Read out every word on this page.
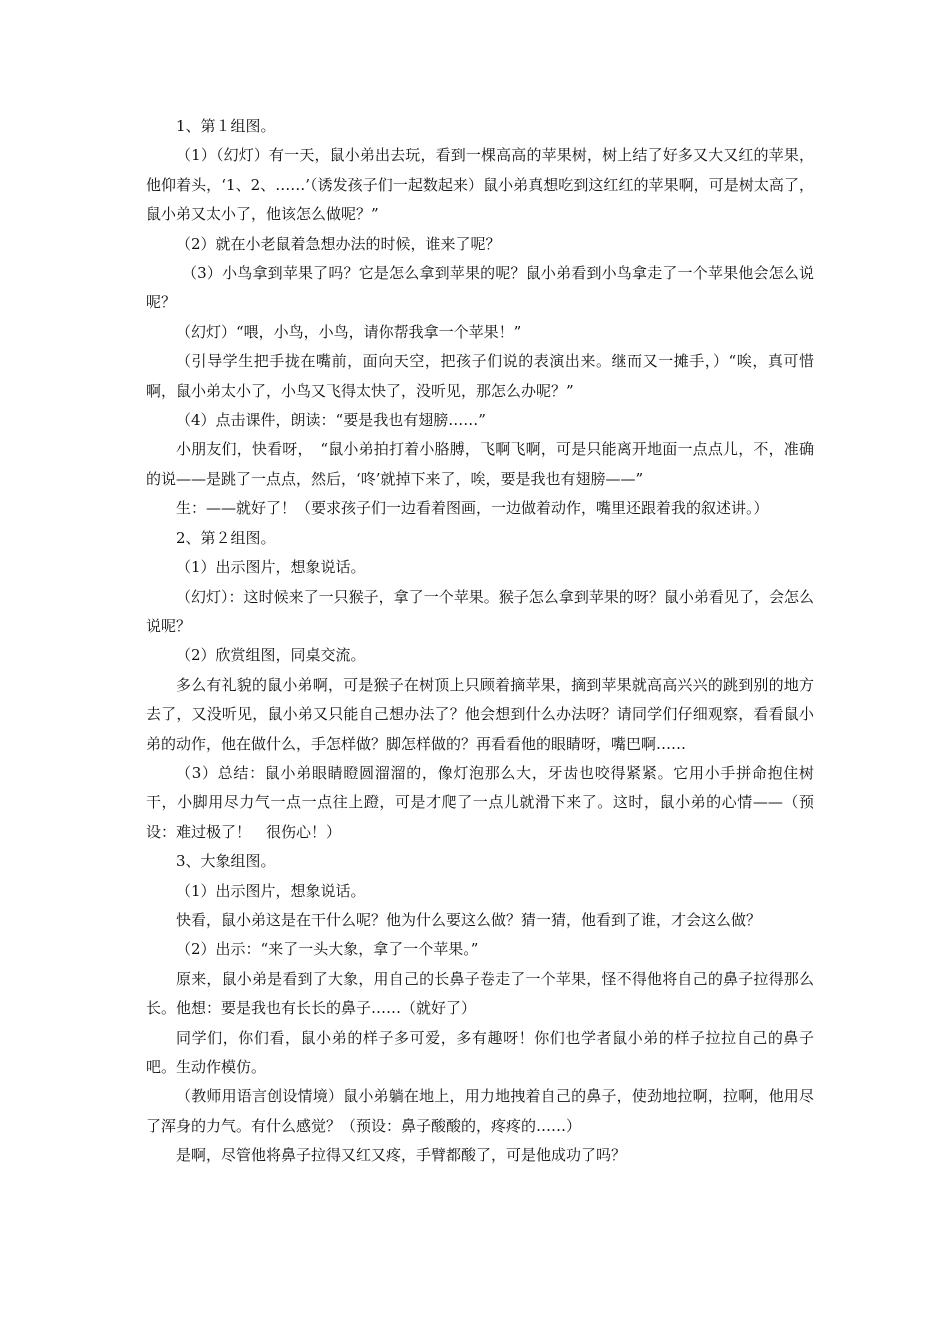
1、第１组图。

（1）（幻灯）有一天，鼠小弟出去玩，看到一棵高高的苹果树，树上结了好多又大又红的苹果，他仰着头，‘1、2、……’（诱发孩子们一起数起来）鼠小弟真想吃到这红红的苹果啊，可是树太高了，鼠小弟又太小了，他该怎么做呢？”

（2）就在小老鼠着急想办法的时候，谁来了呢？

（3）小鸟拿到苹果了吗？它是怎么拿到苹果的呢？鼠小弟看到小鸟拿走了一个苹果他会怎么说呢？

（幻灯）“喂，小鸟，小鸟，请你帮我拿一个苹果！”

（引导学生把手拢在嘴前，面向天空，把孩子们说的表演出来。继而又一摊手，）“唉，真可惜啊，鼠小弟太小了，小鸟又飞得太快了，没听见，那怎么办呢？”

（4）点击课件，朗读：“要是我也有翅膀……”

小朋友们，快看呀，　“鼠小弟拍打着小胳膊，飞啊飞啊，可是只能离开地面一点点儿，不，准确的说——是跳了一点点，然后，‘咚’就掉下来了，唉，要是我也有翅膀——”

生：——就好了！（要求孩子们一边看着图画，一边做着动作，嘴里还跟着我的叙述讲。）

2、第２组图。

（1）出示图片，想象说话。

（幻灯）：这时候来了一只猴子，拿了一个苹果。猴子怎么拿到苹果的呀？鼠小弟看见了，会怎么说呢？

（2）欣赏组图，同桌交流。

多么有礼貌的鼠小弟啊，可是猴子在树顶上只顾着摘苹果，摘到苹果就高高兴兴的跳到别的地方去了，又没听见，鼠小弟又只能自己想办法了？他会想到什么办法呀？请同学们仔细观察，看看鼠小弟的动作，他在做什么，手怎样做？脚怎样做的？再看看他的眼睛呀，嘴巴啊……

（3）总结：鼠小弟眼睛瞪圆溜溜的，像灯泡那么大，牙齿也咬得紧紧。它用小手拼命抱住树干，小脚用尽力气一点一点往上蹬，可是才爬了一点儿就滑下来了。这时，鼠小弟的心情——（预设：难过极了！　很伤心！）

3、大象组图。

（1）出示图片，想象说话。

快看，鼠小弟这是在干什么呢？他为什么要这么做？猜一猜，他看到了谁，才会这么做？

（2）出示：“来了一头大象，拿了一个苹果。”

原来，鼠小弟是看到了大象，用自己的长鼻子卷走了一个苹果，怪不得他将自己的鼻子拉得那么长。他想：要是我也有长长的鼻子……（就好了）

同学们，你们看，鼠小弟的样子多可爱，多有趣呀！你们也学者鼠小弟的样子拉拉自己的鼻子吧。生动作模仿。

（教师用语言创设情境）鼠小弟躺在地上，用力地拽着自己的鼻子，使劲地拉啊，拉啊，他用尽了浑身的力气。有什么感觉？（预设：鼻子酸酸的，疼疼的……）

是啊，尽管他将鼻子拉得又红又疼，手臂都酸了，可是他成功了吗？
